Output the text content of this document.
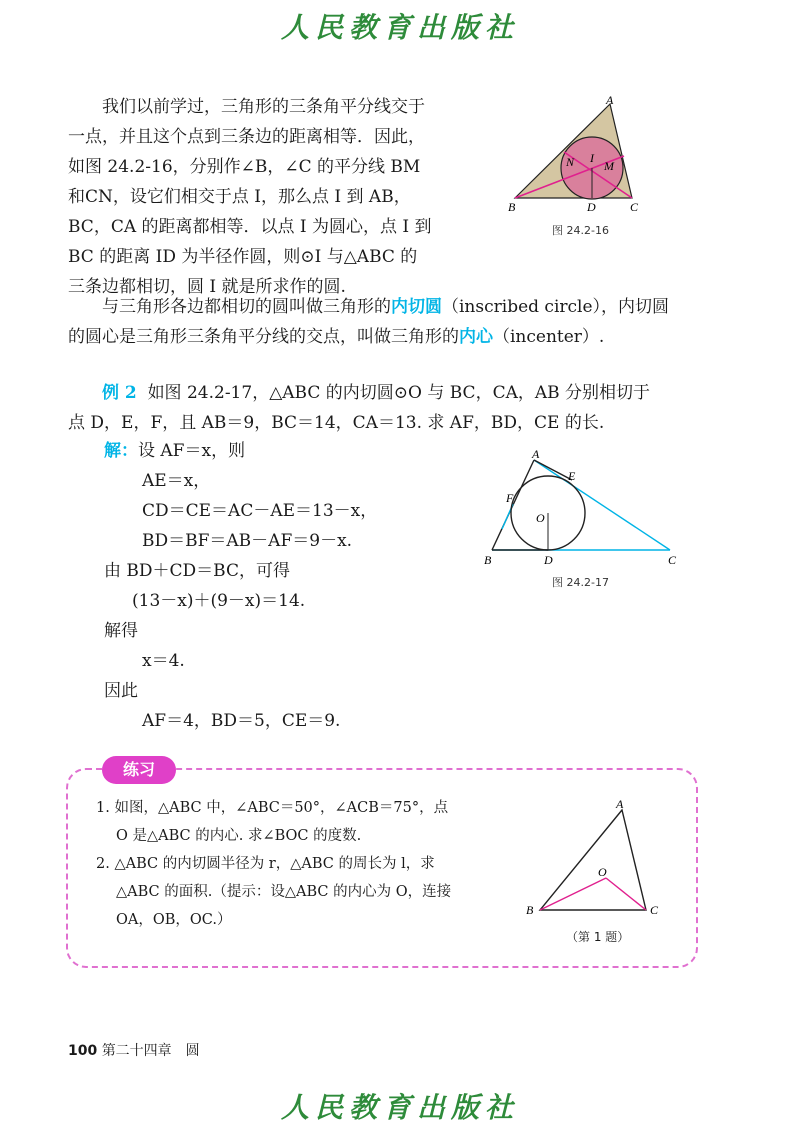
人民教育出版社
我们以前学过，三角形的三条角平分线交于
一点，并且这个点到三条边的距离相等．因此，
如图 24.2-16，分别作∠B，∠C 的平分线 BM
和CN，设它们相交于点 I，那么点 I 到 AB，
BC，CA 的距离都相等．以点 I 为圆心，点 I 到
BC 的距离 ID 为半径作圆，则⊙I 与△ABC 的
三条边都相切，圆 I 就是所求作的圆.
A
B	C
D
I
M
N
图 24.2-16
与三角形各边都相切的圆叫做三角形的内切圆（inscribed circle），内切圆
的圆心是三角形三条角平分线的交点，叫做三角形的内心（incenter）.
例 2 如图 24.2-17，△ABC 的内切圆⊙O 与 BC，CA，AB 分别相切于
点 D，E，F，且 AB＝9，BC＝14，CA＝13. 求 AF，BD，CE 的长.
解：设 AF＝x，则
AE＝x，
CD＝CE＝AC－AE＝13－x，
BD＝BF＝AB－AF＝9－x.
由 BD＋CD＝BC，可得
(13－x)＋(9－x)＝14.
解得
x＝4.
因此
AF＝4，BD＝5，CE＝9.
A
B	C
D
E
F
O
图 24.2-17
练习
1. 如图，△ABC 中，∠ABC＝50°，∠ACB＝75°，点
O 是△ABC 的内心. 求∠BOC 的度数.
2. △ABC 的内切圆半径为 r，△ABC 的周长为 l，求
△ABC 的面积.（提示：设△ABC 的内心为 O，连接
OA，OB，OC.）
A
B	C
O
（第 1 题）
100 第二十四章　圆
人民教育出版社
